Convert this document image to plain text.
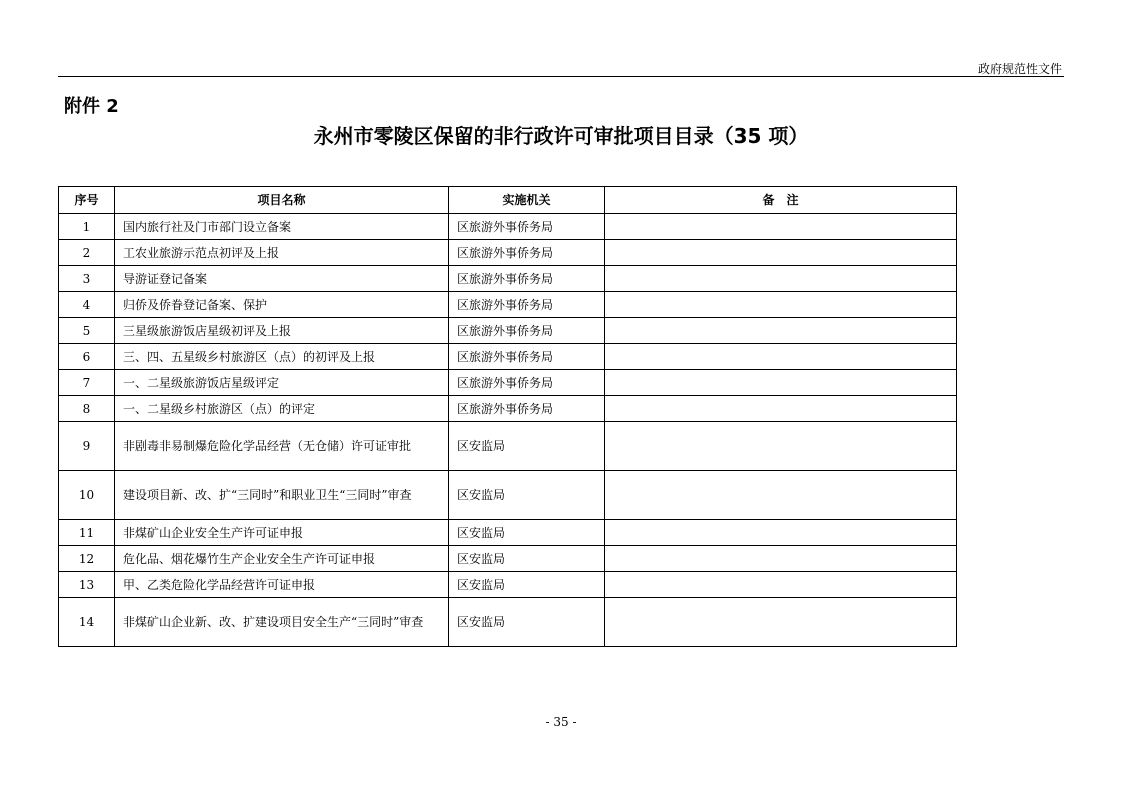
政府规范性文件
附件 2
永州市零陵区保留的非行政许可审批项目目录（35 项）
序号	项目名称	实施机关	备　注
1	国内旅行社及门市部门设立备案	区旅游外事侨务局	
2	工农业旅游示范点初评及上报	区旅游外事侨务局	
3	导游证登记备案	区旅游外事侨务局	
4	归侨及侨眷登记备案、保护	区旅游外事侨务局	
5	三星级旅游饭店星级初评及上报	区旅游外事侨务局	
6	三、四、五星级乡村旅游区（点）的初评及上报	区旅游外事侨务局	
7	一、二星级旅游饭店星级评定	区旅游外事侨务局	
8	一、二星级乡村旅游区（点）的评定	区旅游外事侨务局	
9	非剧毒非易制爆危险化学品经营（无仓储）许可证审批	区安监局	
10	建设项目新、改、扩“三同时”和职业卫生“三同时”审查	区安监局	
11	非煤矿山企业安全生产许可证申报	区安监局	
12	危化品、烟花爆竹生产企业安全生产许可证申报	区安监局	
13	甲、乙类危险化学品经营许可证申报	区安监局	
14	非煤矿山企业新、改、扩建设项目安全生产“三同时”审查	区安监局	
- 35 -
